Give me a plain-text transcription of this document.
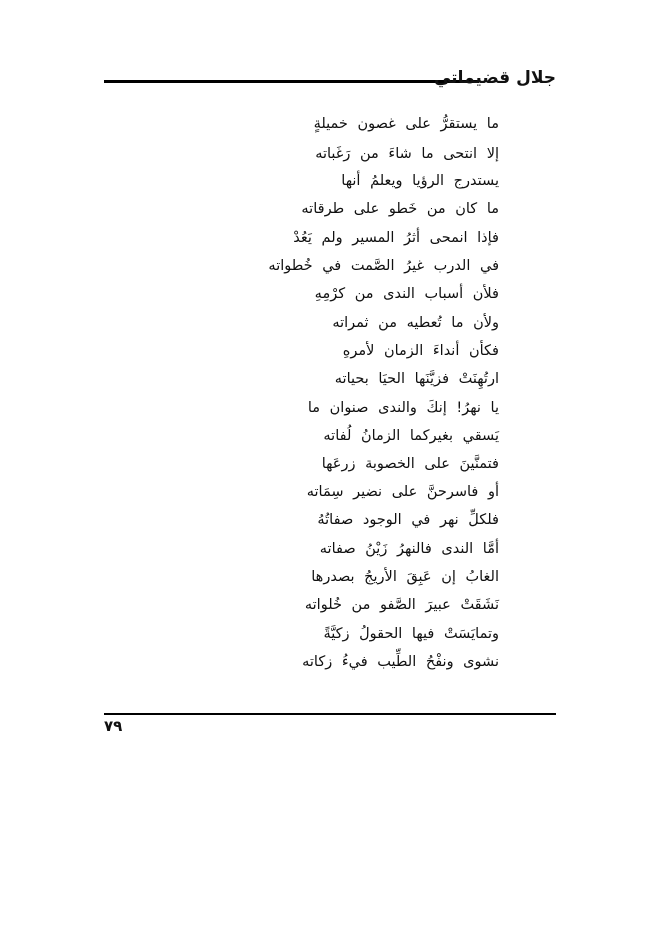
جلال قضيماتي
ما يستقرُّ على غصون خميلةٍ
إلا انتحى ما شاءَ من رَغَباته
يستدرج الرؤيا ويعلمُ أنها
ما كان من خَطو على طرقاته
فإذا انمحى أثرُ المسير ولم يَعُدْ
في الدرب غيرُ الصَّمت في خُطواته
فلأن أسباب الندى من كرْمِهِ
ولأن ما تُعطيه من ثمراته
فكأن أنداءَ الزمان لأمرهِ
ارتُهِنَتْ فزيَّنَها الحيَا بحياته
يا نهرُ! إنكَ والندى صنوان ما
يَسقي بغيركما الزمانُ لُفاته
فتمنَّينَ على الخصوبة زرعَها
أو فاسرحنَّ على نضير سِمَاته
فلكلِّ نهر في الوجود صفاتُهُ
أمَّا الندى فالنهرُ زَيْنُ صفاته
الغابُ إن عَبِقَ الأريجُ بصدرها
نَشَقَتْ عبيرَ الصَّفو من خُلواته
وتمايَسَتْ فيها الحقولُ زكيَّةً
نشوى ونفْحُ الطِّيب فيءُ زكاته
٧٩
